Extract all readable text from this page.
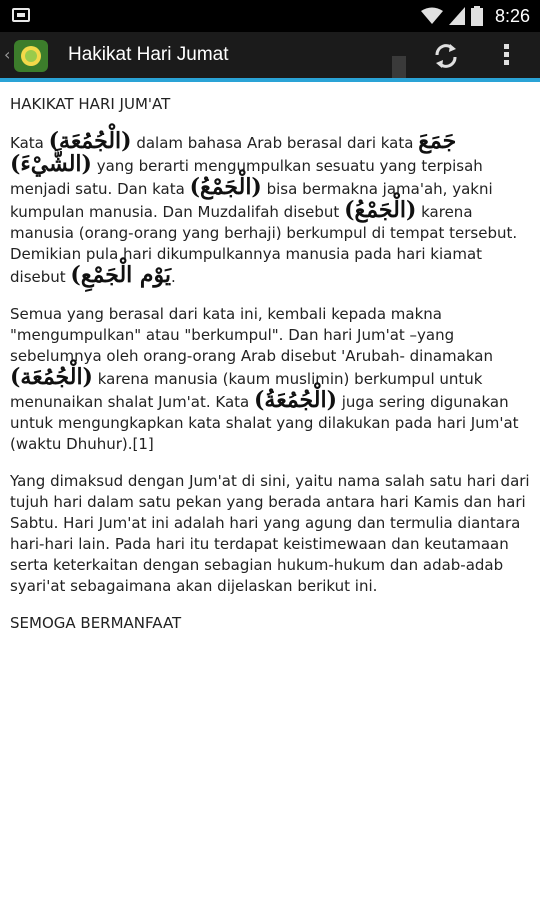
8:26
‹	Hakikat Hari Jumat
HAKIKAT HARI JUM'AT

Kata (الْجُمُعَة) dalam bahasa Arab berasal dari kata جَمَعَ (الشَّيْءَ) yang berarti mengumpulkan sesuatu yang terpisah menjadi satu. Dan kata (الْجَمْعُ) bisa bermakna jama'ah, yakni kumpulan manusia. Dan Muzdalifah disebut (الْجَمْعُ) karena manusia (orang-orang yang berhaji) berkumpul di tempat tersebut. Demikian pula hari dikumpulkannya manusia pada hari kiamat disebut يَوْم الْجَمْعِ).

Semua yang berasal dari kata ini, kembali kepada makna "mengumpulkan" atau "berkumpul". Dan hari Jum'at –yang sebelumnya oleh orang-orang Arab disebut 'Arubah- dinamakan (الْجُمُعَة) karena manusia (kaum muslimin) berkumpul untuk menunaikan shalat Jum'at. Kata (الْجُمُعَةُ) juga sering digunakan untuk mengungkapkan kata shalat yang dilakukan pada hari Jum'at (waktu Dhuhur).[1]

Yang dimaksud dengan Jum'at di sini, yaitu nama salah satu hari dari tujuh hari dalam satu pekan yang berada antara hari Kamis dan hari Sabtu. Hari Jum'at ini adalah hari yang agung dan termulia diantara hari-hari lain. Pada hari itu terdapat keistimewaan dan keutamaan serta keterkaitan dengan sebagian hukum-hukum dan adab-adab syari'at sebagaimana akan dijelaskan berikut ini.

SEMOGA BERMANFAAT
